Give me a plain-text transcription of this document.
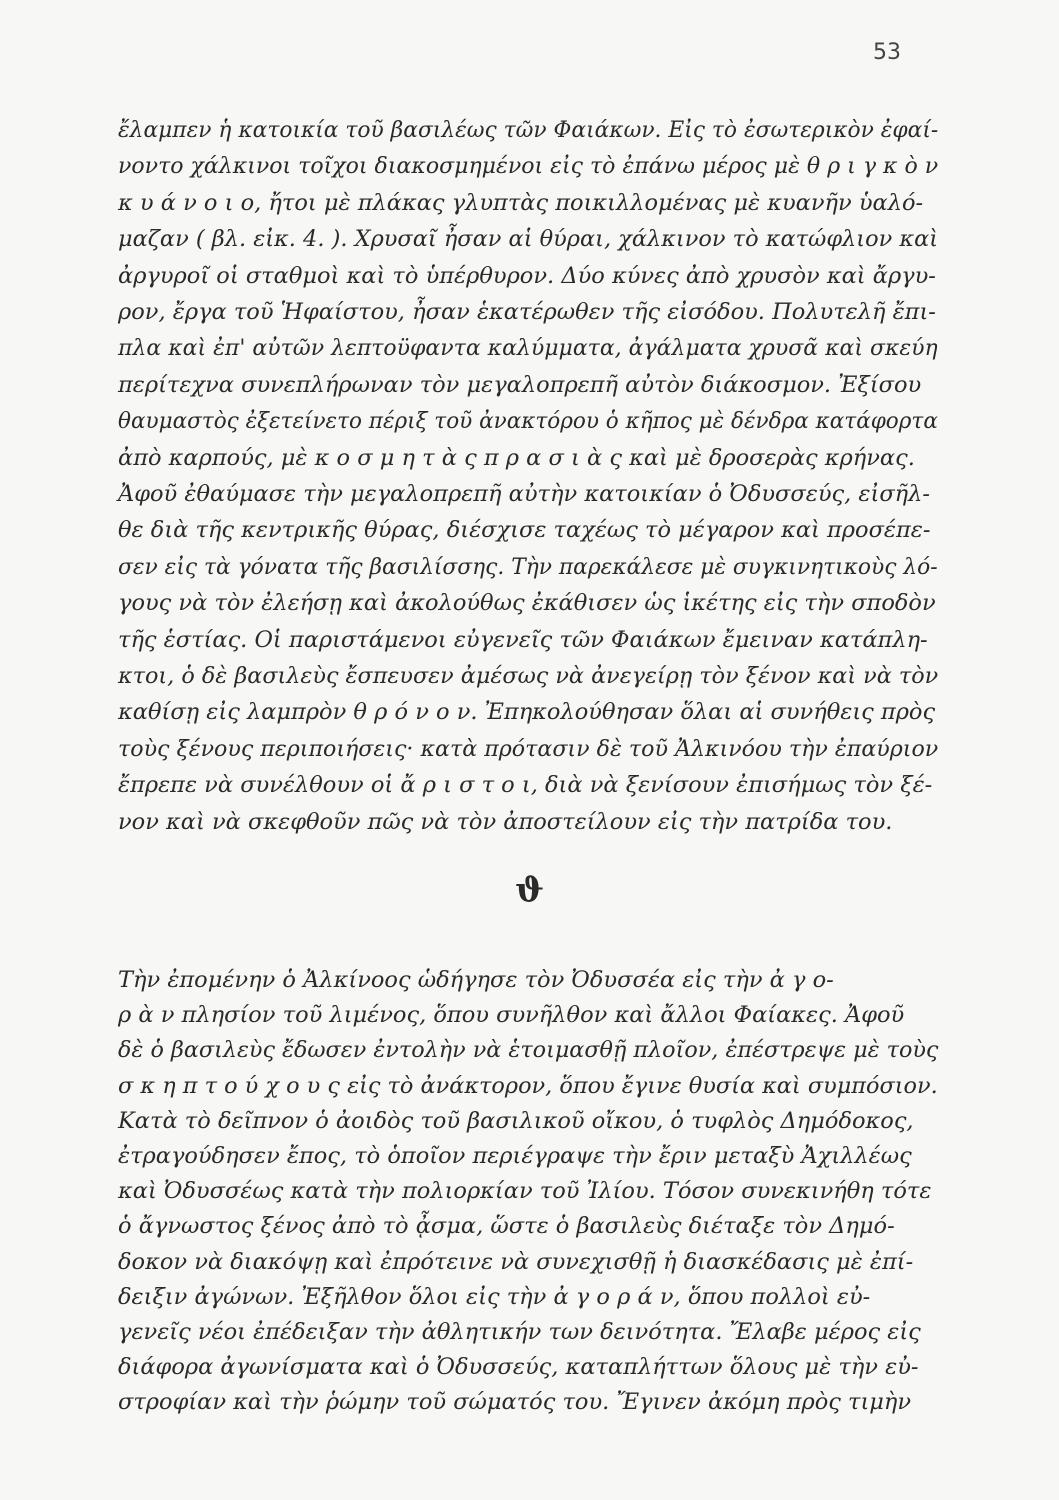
53
ἔλαμπεν ἡ κατοικία τοῦ βασιλέως τῶν Φαιάκων. Εἰς τὸ ἐσωτερικὸν ἐφαί-
νοντο χάλκινοι τοῖχοι διακοσμημένοι εἰς τὸ ἐπάνω μέρος μὲ θ ρ ι γ κ ὸ ν
κ υ ά ν ο ι ο, ἤτοι μὲ πλάκας γλυπτὰς ποικιλλομένας μὲ κυανῆν ὑαλό-
μαζαν ( βλ. εἰκ. 4. ). Χρυσαῖ ἦσαν αἱ θύραι, χάλκινον τὸ κατώφλιον καὶ
ἀργυροῖ οἱ σταθμοὶ καὶ τὸ ὑπέρθυρον. Δύο κύνες ἀπὸ χρυσὸν καὶ ἄργυ-
ρον, ἔργα τοῦ Ἡφαίστου, ἦσαν ἑκατέρωθεν τῆς εἰσόδου. Πολυτελῆ ἔπι-
πλα καὶ ἐπ' αὐτῶν λεπτοϋφαντα καλύμματα, ἀγάλματα χρυσᾶ καὶ σκεύη
περίτεχνα συνεπλήρωναν τὸν μεγαλοπρεπῆ αὐτὸν διάκοσμον. Ἐξίσου
θαυμαστὸς ἐξετείνετο πέριξ τοῦ ἀνακτόρου ὁ κῆπος μὲ δένδρα κατάφορτα
ἀπὸ καρπούς, μὲ κ ο σ μ η τ ὰ ς π ρ α σ ι ὰ ς καὶ μὲ δροσερὰς κρήνας.
Ἀφοῦ ἐθαύμασε τὴν μεγαλοπρεπῆ αὐτὴν κατοικίαν ὁ Ὀδυσσεύς, εἰσῆλ-
θε διὰ τῆς κεντρικῆς θύρας, διέσχισε ταχέως τὸ μέγαρον καὶ προσέπε-
σεν εἰς τὰ γόνατα τῆς βασιλίσσης. Τὴν παρεκάλεσε μὲ συγκινητικοὺς λό-
γους νὰ τὸν ἐλεήσῃ καὶ ἀκολούθως ἐκάθισεν ὡς ἱκέτης εἰς τὴν σποδὸν
τῆς ἑστίας. Οἱ παριστάμενοι εὐγενεῖς τῶν Φαιάκων ἔμειναν κατάπλη-
κτοι, ὁ δὲ βασιλεὺς ἔσπευσεν ἀμέσως νὰ ἀνεγείρῃ τὸν ξένον καὶ νὰ τὸν
καθίσῃ εἰς λαμπρὸν θ ρ ό ν ο ν. Ἐπηκολούθησαν ὅλαι αἱ συνήθεις πρὸς
τοὺς ξένους περιποιήσεις· κατὰ πρότασιν δὲ τοῦ Ἀλκινόου τὴν ἐπαύριον
ἔπρεπε νὰ συνέλθουν οἱ ἄ ρ ι σ τ ο ι, διὰ νὰ ξενίσουν ἐπισήμως τὸν ξέ-
νον καὶ νὰ σκεφθοῦν πῶς νὰ τὸν ἀποστείλουν εἰς τὴν πατρίδα του.
ϑ
Τὴν ἐπομένην ὁ Ἀλκίνοος ὡδήγησε τὸν Ὀδυσσέα εἰς τὴν ἀ γ ο-
ρ ὰ ν πλησίον τοῦ λιμένος, ὅπου συνῆλθον καὶ ἄλλοι Φαίακες. Ἀφοῦ
δὲ ὁ βασιλεὺς ἔδωσεν ἐντολὴν νὰ ἑτοιμασθῇ πλοῖον, ἐπέστρεψε μὲ τοὺς
σ κ η π τ ο ύ χ ο υ ς εἰς τὸ ἀνάκτορον, ὅπου ἔγινε θυσία καὶ συμπόσιον.
Κατὰ τὸ δεῖπνον ὁ ἀοιδὸς τοῦ βασιλικοῦ οἴκου, ὁ τυφλὸς Δημόδοκος,
ἐτραγούδησεν ἔπος, τὸ ὁποῖον περιέγραψε τὴν ἔριν μεταξὺ Ἀχιλλέως
καὶ Ὀδυσσέως κατὰ τὴν πολιορκίαν τοῦ Ἰλίου. Τόσον συνεκινήθη τότε
ὁ ἄγνωστος ξένος ἀπὸ τὸ ᾆσμα, ὥστε ὁ βασιλεὺς διέταξε τὸν Δημό-
δοκον νὰ διακόψῃ καὶ ἐπρότεινε νὰ συνεχισθῇ ἡ διασκέδασις μὲ ἐπί-
δειξιν ἀγώνων. Ἐξῆλθον ὅλοι εἰς τὴν ἀ γ ο ρ ά ν, ὅπου πολλοὶ εὐ-
γενεῖς νέοι ἐπέδειξαν τὴν ἀθλητικήν των δεινότητα. Ἔλαβε μέρος εἰς
διάφορα ἀγωνίσματα καὶ ὁ Ὀδυσσεύς, καταπλήττων ὅλους μὲ τὴν εὐ-
στροφίαν καὶ τὴν ῥώμην τοῦ σώματός του. Ἔγινεν ἀκόμη πρὸς τιμὴν
